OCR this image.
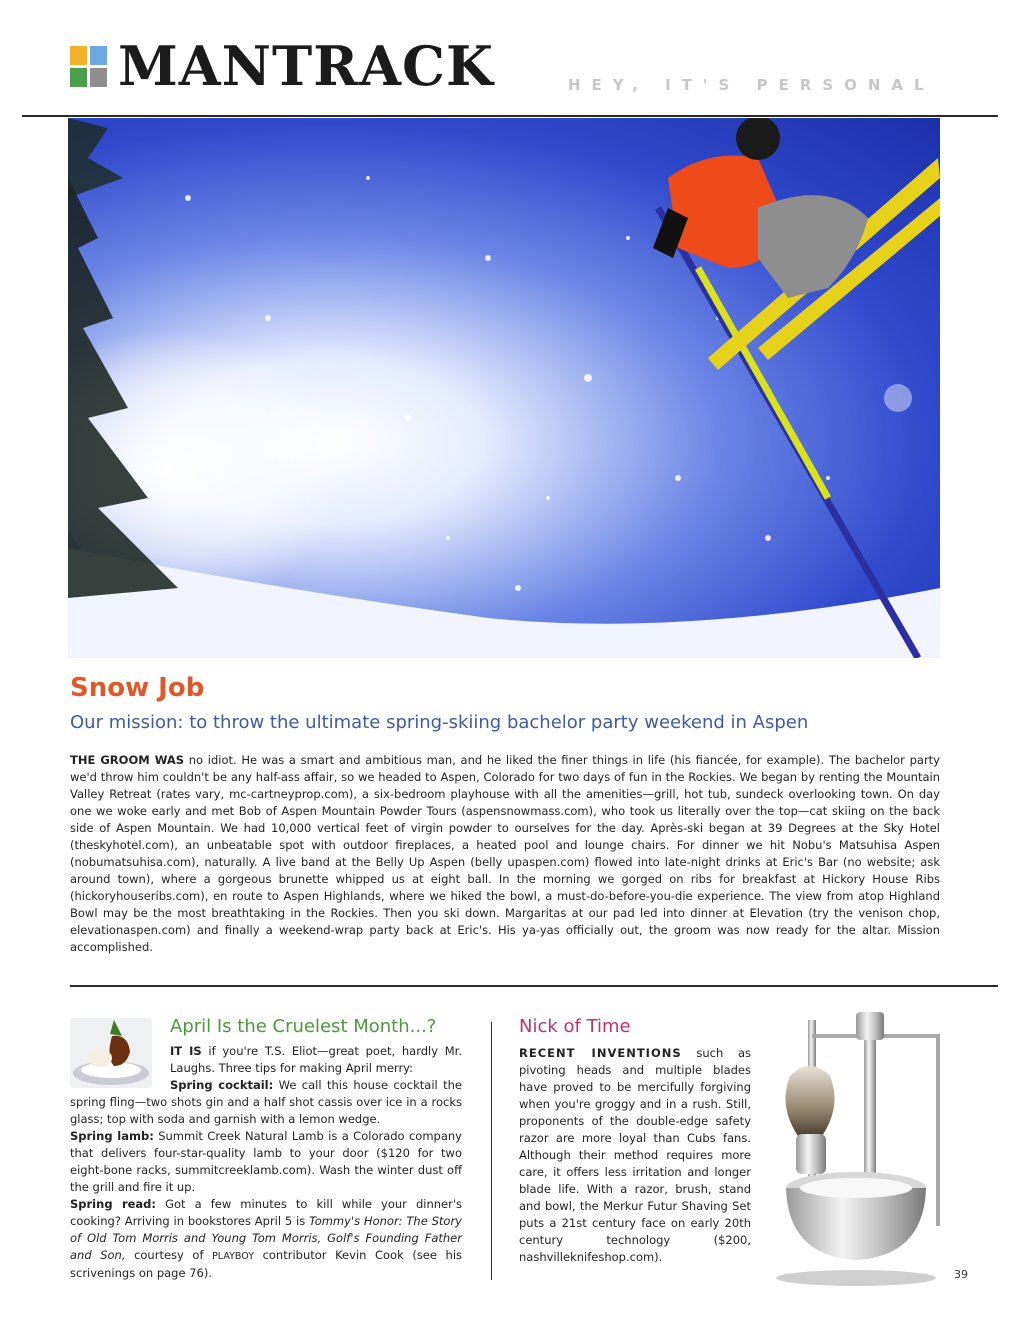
MANTRACK	HEY, IT'S PERSONAL
Snow Job
Our mission: to throw the ultimate spring-skiing bachelor party weekend in Aspen
THE GROOM WAS no idiot. He was a smart and ambitious man, and he liked the finer things in life (his fiancée, for example). The bachelor party we'd throw him couldn't be any half-ass affair, so we headed to Aspen, Colorado for two days of fun in the Rockies. We began by renting the Mountain Valley Retreat (rates vary, mc-cartneyprop.com), a six-bedroom playhouse with all the amenities—grill, hot tub, sundeck overlooking town. On day one we woke early and met Bob of Aspen Mountain Powder Tours (aspensnowmass.com), who took us literally over the top—cat skiing on the back side of Aspen Mountain. We had 10,000 vertical feet of virgin powder to ourselves for the day. Après-ski began at 39 Degrees at the Sky Hotel (theskyhotel.com), an unbeatable spot with outdoor fireplaces, a heated pool and lounge chairs. For dinner we hit Nobu's Matsuhisa Aspen (nobumatsuhisa.com), naturally. A live band at the Belly Up Aspen (belly upaspen.com) flowed into late-night drinks at Eric's Bar (no website; ask around town), where a gorgeous brunette whipped us at eight ball. In the morning we gorged on ribs for breakfast at Hickory House Ribs (hickoryhouseribs.com), en route to Aspen Highlands, where we hiked the bowl, a must-do-before-you-die experience. The view from atop Highland Bowl may be the most breathtaking in the Rockies. Then you ski down. Margaritas at our pad led into dinner at Elevation (try the venison chop, elevationaspen.com) and finally a weekend-wrap party back at Eric's. His ya-yas officially out, the groom was now ready for the altar. Mission accomplished.
April Is the Cruelest Month...?

IT IS if you're T.S. Eliot—great poet, hardly Mr. Laughs. Three tips for making April merry:

Spring cocktail: We call this house cocktail the spring fling—two shots gin and a half shot cassis over ice in a rocks glass; top with soda and garnish with a lemon wedge.

Spring lamb: Summit Creek Natural Lamb is a Colorado company that delivers four-star-quality lamb to your door ($120 for two eight-bone racks, summitcreeklamb.com). Wash the winter dust off the grill and fire it up.

Spring read: Got a few minutes to kill while your dinner's cooking? Arriving in bookstores April 5 is Tommy's Honor: The Story of Old Tom Morris and Young Tom Morris, Golf's Founding Father and Son, courtesy of PLAYBOY contributor Kevin Cook (see his scrivenings on page 76).

Nick of Time
RECENT INVENTIONS such as pivoting heads and multiple blades have proved to be mercifully forgiving when you're groggy and in a rush. Still, proponents of the double-edge safety razor are more loyal than Cubs fans. Although their method requires more care, it offers less irritation and longer blade life. With a razor, brush, stand and bowl, the Merkur Futur Shaving Set puts a 21st century face on early 20th century technology ($200, nashvilleknifeshop.com).
39
